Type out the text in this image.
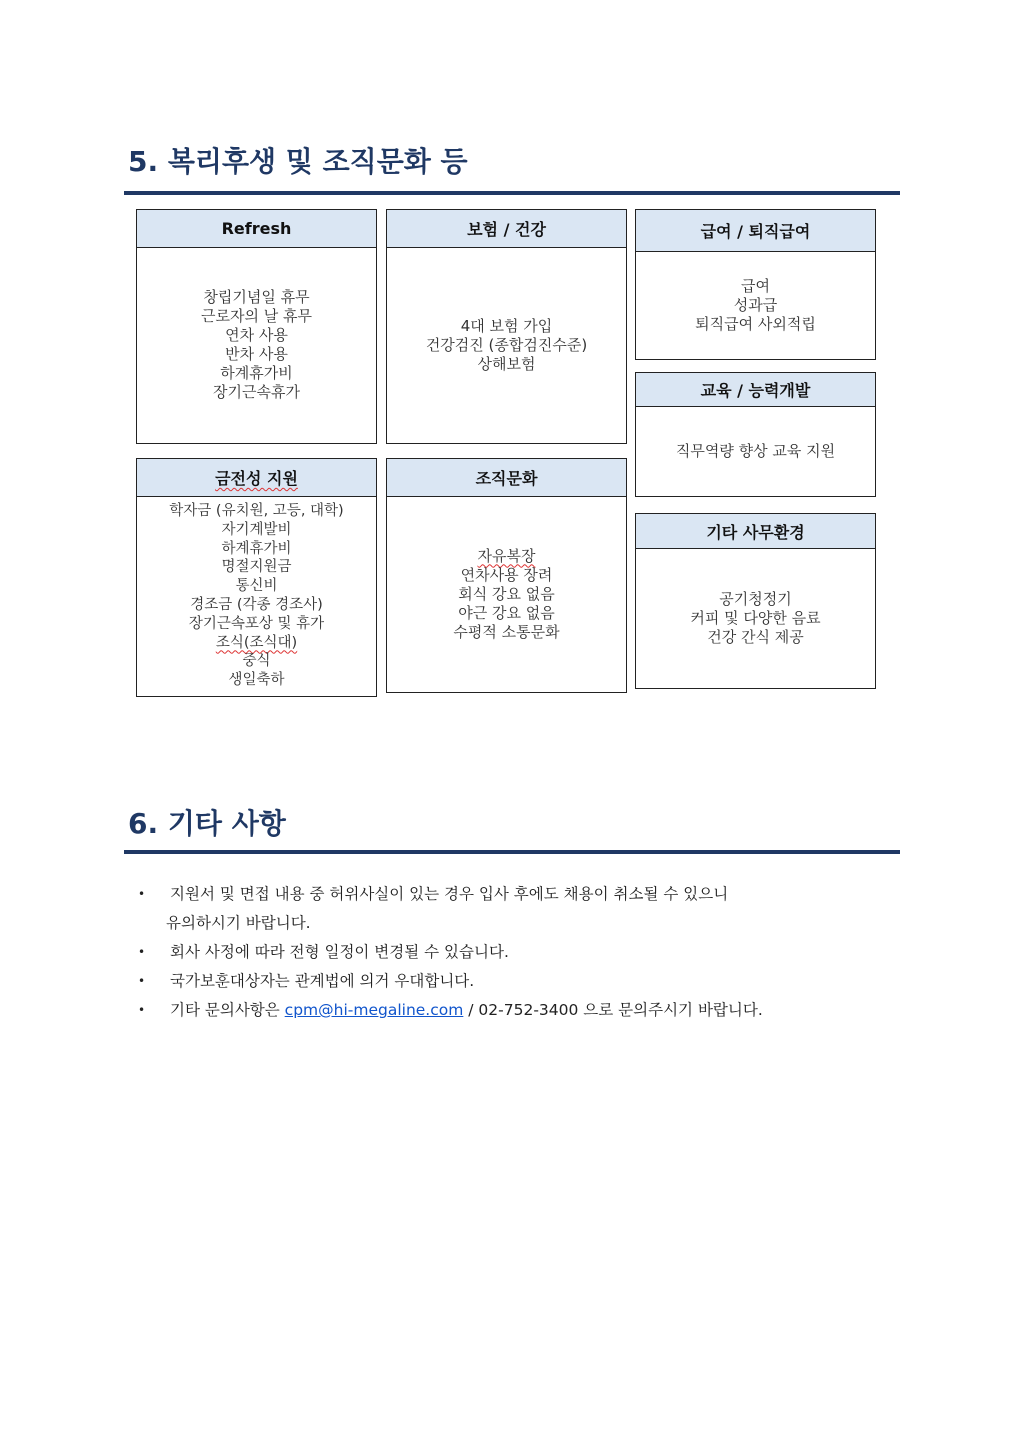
5. 복리후생 및 조직문화 등
Refresh
창립기념일 휴무
근로자의 날 휴무
연차 사용
반차 사용
하계휴가비
장기근속휴가
보험 / 건강
4대 보험 가입
건강검진 (종합검진수준)
상해보험
급여 / 퇴직급여
급여
성과급
퇴직급여 사외적립
교육 / 능력개발
직무역량 향상 교육 지원
금전성 지원
학자금 (유치원, 고등, 대학)
자기계발비
하계휴가비
명절지원금
통신비
경조금 (각종 경조사)
장기근속포상 및 휴가
조식(조식대)
중식
생일축하
조직문화
자유복장
연차사용 장려
회식 강요 없음
야근 강요 없음
수평적 소통문화
기타 사무환경
공기청정기
커피 및 다양한 음료
건강 간식 제공
6. 기타 사항
• 지원서 및 면접 내용 중 허위사실이 있는 경우 입사 후에도 채용이 취소될 수 있으니
유의하시기 바랍니다.
• 회사 사정에 따라 전형 일정이 변경될 수 있습니다.
• 국가보훈대상자는 관계법에 의거 우대합니다.
• 기타 문의사항은 cpm@hi-megaline.com / 02-752-3400 으로 문의주시기 바랍니다.
